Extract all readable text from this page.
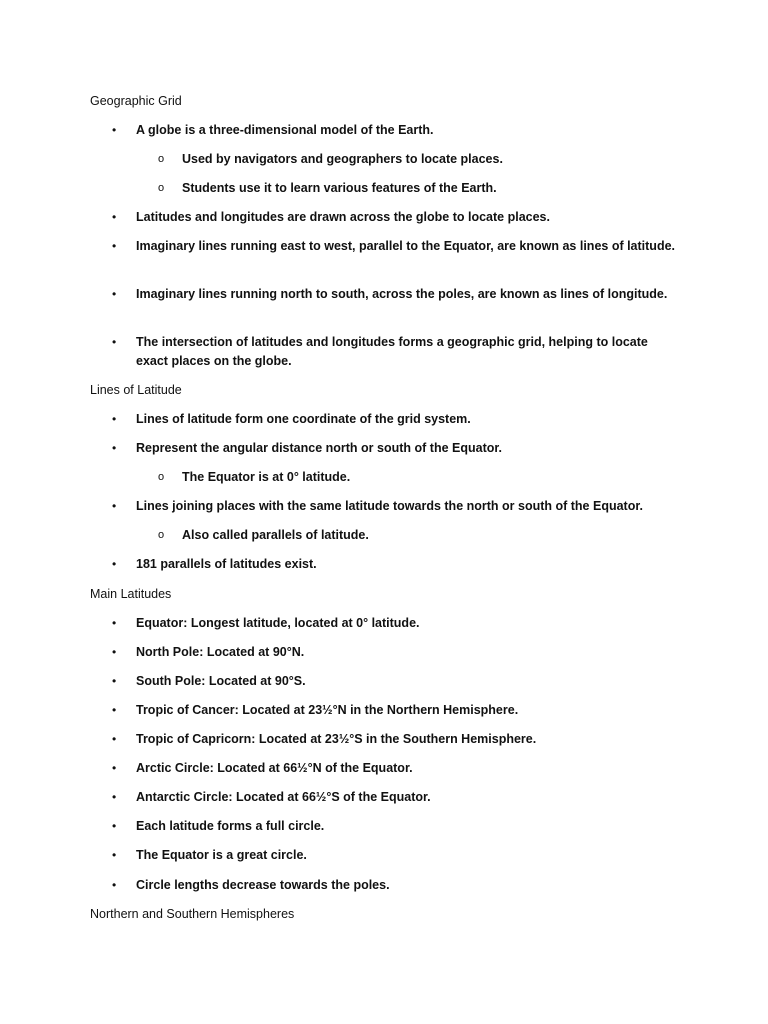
Geographic Grid
• A globe is a three-dimensional model of the Earth.
o Used by navigators and geographers to locate places.
o Students use it to learn various features of the Earth.
• Latitudes and longitudes are drawn across the globe to locate places.
• Imaginary lines running east to west, parallel to the Equator, are known as lines of latitude.
• Imaginary lines running north to south, across the poles, are known as lines of longitude.
• The intersection of latitudes and longitudes forms a geographic grid, helping to locate exact places on the globe.
Lines of Latitude
• Lines of latitude form one coordinate of the grid system.
• Represent the angular distance north or south of the Equator.
o The Equator is at 0° latitude.
• Lines joining places with the same latitude towards the north or south of the Equator.
o Also called parallels of latitude.
• 181 parallels of latitudes exist.
Main Latitudes
• Equator: Longest latitude, located at 0° latitude.
• North Pole: Located at 90°N.
• South Pole: Located at 90°S.
• Tropic of Cancer: Located at 23½°N in the Northern Hemisphere.
• Tropic of Capricorn: Located at 23½°S in the Southern Hemisphere.
• Arctic Circle: Located at 66½°N of the Equator.
• Antarctic Circle: Located at 66½°S of the Equator.
• Each latitude forms a full circle.
• The Equator is a great circle.
• Circle lengths decrease towards the poles.
Northern and Southern Hemispheres
